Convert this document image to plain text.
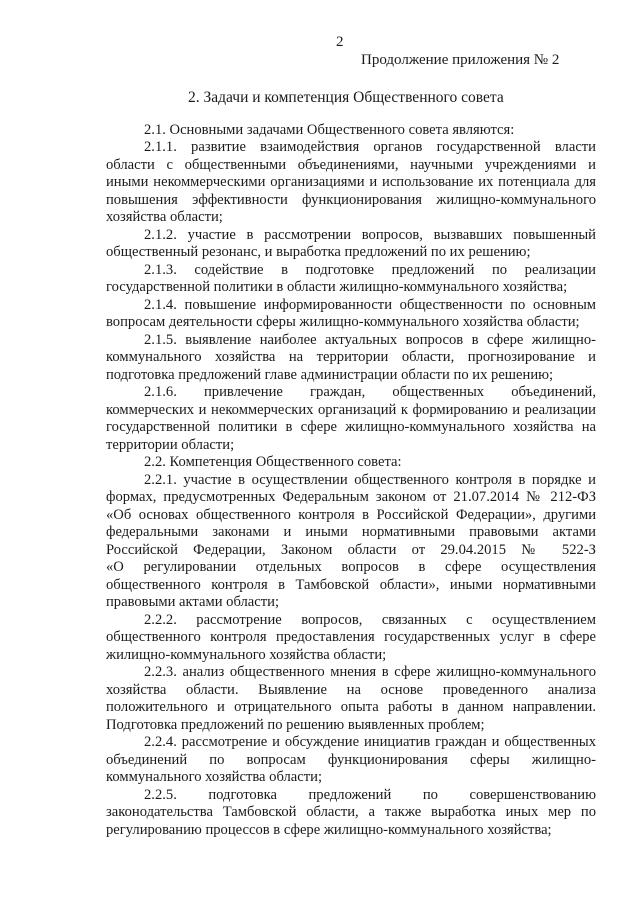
2
Продолжение приложения № 2
2. Задачи и компетенция Общественного совета
2.1. Основными задачами Общественного совета являются:
2.1.1. развитие взаимодействия органов государственной власти
области с общественными объединениями, научными учреждениями и
иными некоммерческими организациями и использование их потенциала для
повышения эффективности функционирования жилищно-коммунального
хозяйства области;
2.1.2. участие в рассмотрении вопросов, вызвавших повышенный
общественный резонанс, и выработка предложений по их решению;
2.1.3. содействие в подготовке предложений по реализации
государственной политики в области жилищно-коммунального хозяйства;
2.1.4. повышение информированности общественности по основным
вопросам деятельности сферы жилищно-коммунального хозяйства области;
2.1.5. выявление наиболее актуальных вопросов в сфере жилищно-
коммунального хозяйства на территории области, прогнозирование и
подготовка предложений главе администрации области по их решению;
2.1.6. привлечение граждан, общественных объединений,
коммерческих и некоммерческих организаций к формированию и реализации
государственной политики в сфере жилищно-коммунального хозяйства на
территории области;
2.2. Компетенция Общественного совета:
2.2.1. участие в осуществлении общественного контроля в порядке и
формах, предусмотренных Федеральным законом от 21.07.2014 № 212-ФЗ
«Об основах общественного контроля в Российской Федерации», другими
федеральными законами и иными нормативными правовыми актами
Российской Федерации, Законом области от 29.04.2015 № 522-З
«О регулировании отдельных вопросов в сфере осуществления
общественного контроля в Тамбовской области», иными нормативными
правовыми актами области;
2.2.2. рассмотрение вопросов, связанных с осуществлением
общественного контроля предоставления государственных услуг в сфере
жилищно-коммунального хозяйства области;
2.2.3. анализ общественного мнения в сфере жилищно-коммунального
хозяйства области. Выявление на основе проведенного анализа
положительного и отрицательного опыта работы в данном направлении.
Подготовка предложений по решению выявленных проблем;
2.2.4. рассмотрение и обсуждение инициатив граждан и общественных
объединений по вопросам функционирования сферы жилищно-
коммунального хозяйства области;
2.2.5. подготовка предложений по совершенствованию
законодательства Тамбовской области, а также выработка иных мер по
регулированию процессов в сфере жилищно-коммунального хозяйства;
